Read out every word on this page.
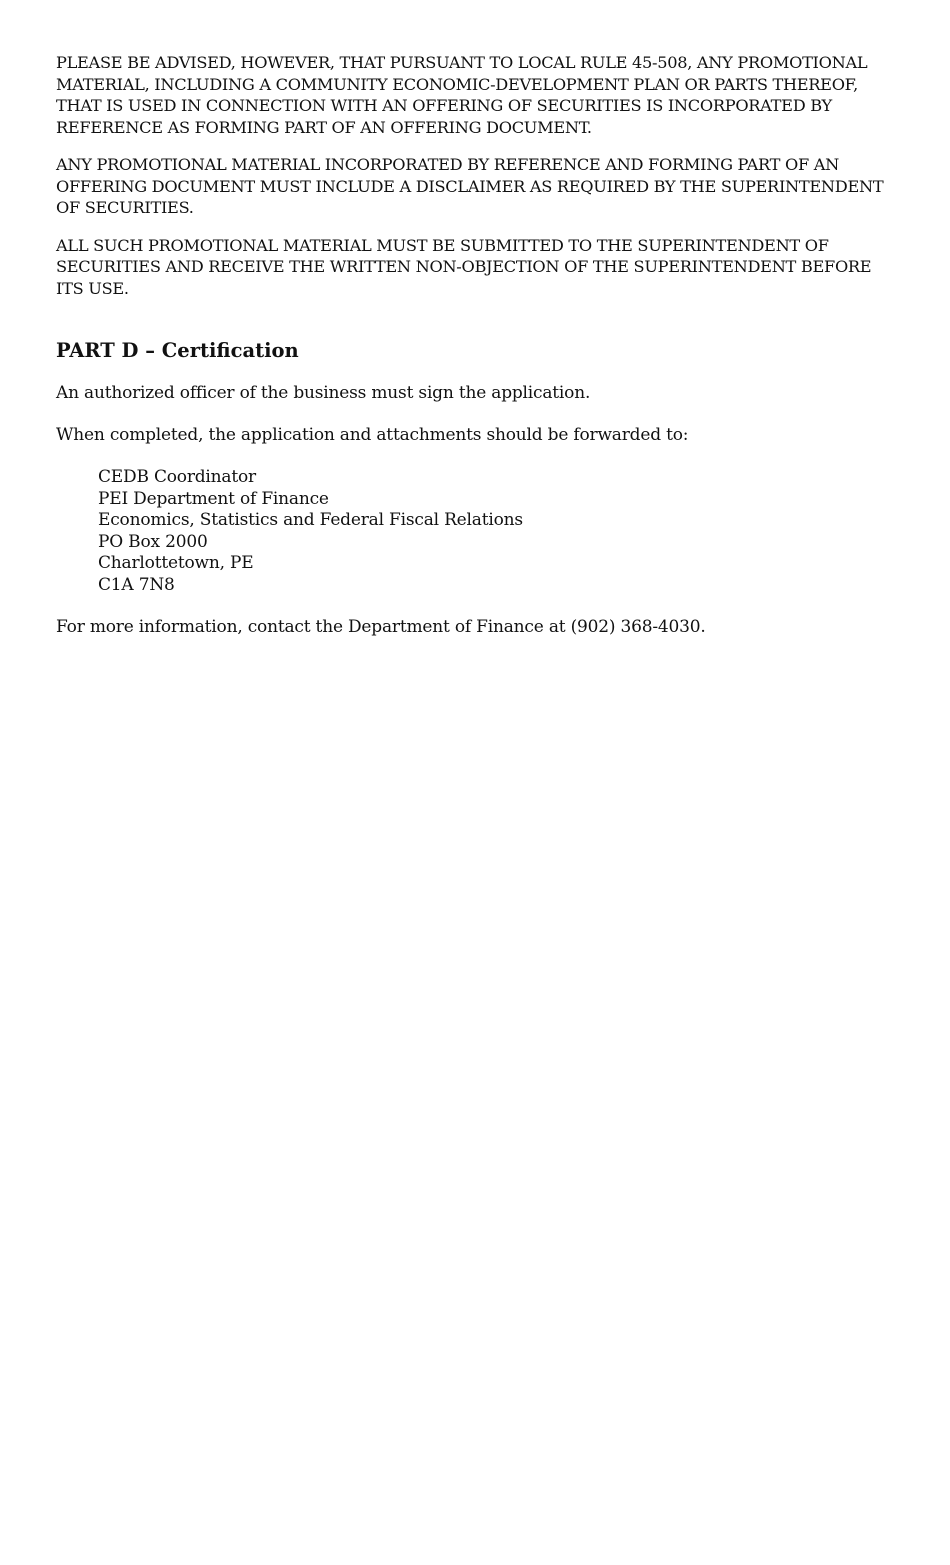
PLEASE BE ADVISED, HOWEVER, THAT PURSUANT TO LOCAL RULE 45-508, ANY PROMOTIONAL MATERIAL, INCLUDING A COMMUNITY ECONOMIC-DEVELOPMENT PLAN OR PARTS THEREOF, THAT IS USED IN CONNECTION WITH AN OFFERING OF SECURITIES IS INCORPORATED BY REFERENCE AS FORMING PART OF AN OFFERING DOCUMENT.

ANY PROMOTIONAL MATERIAL INCORPORATED BY REFERENCE AND FORMING PART OF AN OFFERING DOCUMENT MUST INCLUDE A DISCLAIMER AS REQUIRED BY THE SUPERINTENDENT OF SECURITIES.

ALL SUCH PROMOTIONAL MATERIAL MUST BE SUBMITTED TO THE SUPERINTENDENT OF SECURITIES AND RECEIVE THE WRITTEN NON-OBJECTION OF THE SUPERINTENDENT BEFORE ITS USE.

PART D – Certification

An authorized officer of the business must sign the application.

When completed, the application and attachments should be forwarded to:

CEDB Coordinator
PEI Department of Finance
Economics, Statistics and Federal Fiscal Relations
PO Box 2000
Charlottetown, PE
C1A 7N8

For more information, contact the Department of Finance at (902) 368-4030.
